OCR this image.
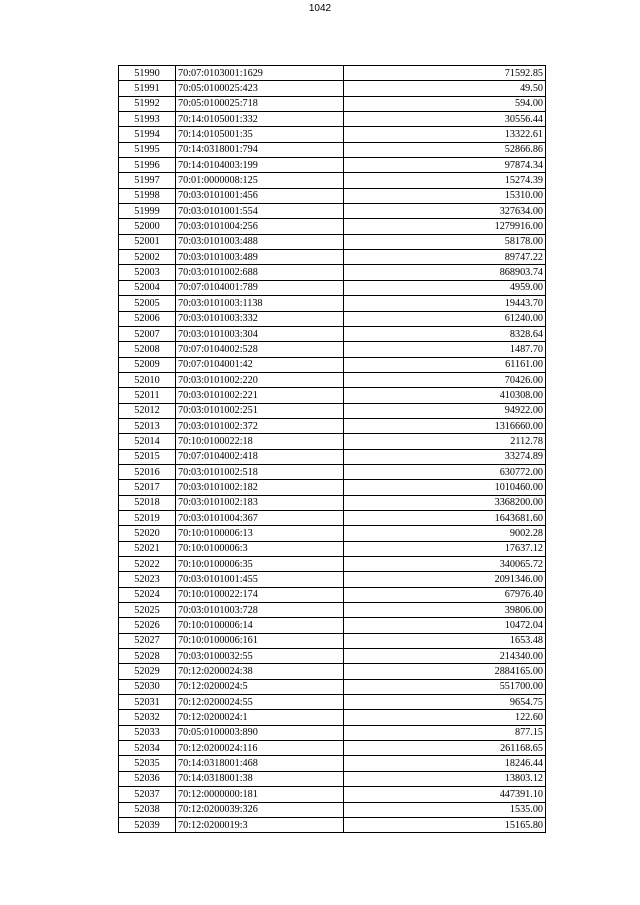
1042
51990	70:07:0103001:1629	71592.85
51991	70:05:0100025:423	49.50
51992	70:05:0100025:718	594.00
51993	70:14:0105001:332	30556.44
51994	70:14:0105001:35	13322.61
51995	70:14:0318001:794	52866.86
51996	70:14:0104003:199	97874.34
51997	70:01:0000008:125	15274.39
51998	70:03:0101001:456	15310.00
51999	70:03:0101001:554	327634.00
52000	70:03:0101004:256	1279916.00
52001	70:03:0101003:488	58178.00
52002	70:03:0101003:489	89747.22
52003	70:03:0101002:688	868903.74
52004	70:07:0104001:789	4959.00
52005	70:03:0101003:1138	19443.70
52006	70:03:0101003:332	61240.00
52007	70:03:0101003:304	8328.64
52008	70:07:0104002:528	1487.70
52009	70:07:0104001:42	61161.00
52010	70:03:0101002:220	70426.00
52011	70:03:0101002:221	410308.00
52012	70:03:0101002:251	94922.00
52013	70:03:0101002:372	1316660.00
52014	70:10:0100022:18	2112.78
52015	70:07:0104002:418	33274.89
52016	70:03:0101002:518	630772.00
52017	70:03:0101002:182	1010460.00
52018	70:03:0101002:183	3368200.00
52019	70:03:0101004:367	1643681.60
52020	70:10:0100006:13	9002.28
52021	70:10:0100006:3	17637.12
52022	70:10:0100006:35	340065.72
52023	70:03:0101001:455	2091346.00
52024	70:10:0100022:174	67976.40
52025	70:03:0101003:728	39806.00
52026	70:10:0100006:14	10472.04
52027	70:10:0100006:161	1653.48
52028	70:03:0100032:55	214340.00
52029	70:12:0200024:38	2884165.00
52030	70:12:0200024:5	551700.00
52031	70:12:0200024:55	9654.75
52032	70:12:0200024:1	122.60
52033	70:05:0100003:890	877.15
52034	70:12:0200024:116	261168.65
52035	70:14:0318001:468	18246.44
52036	70:14:0318001:38	13803.12
52037	70:12:0000000:181	447391.10
52038	70:12:0200039:326	1535.00
52039	70:12:0200019:3	15165.80
